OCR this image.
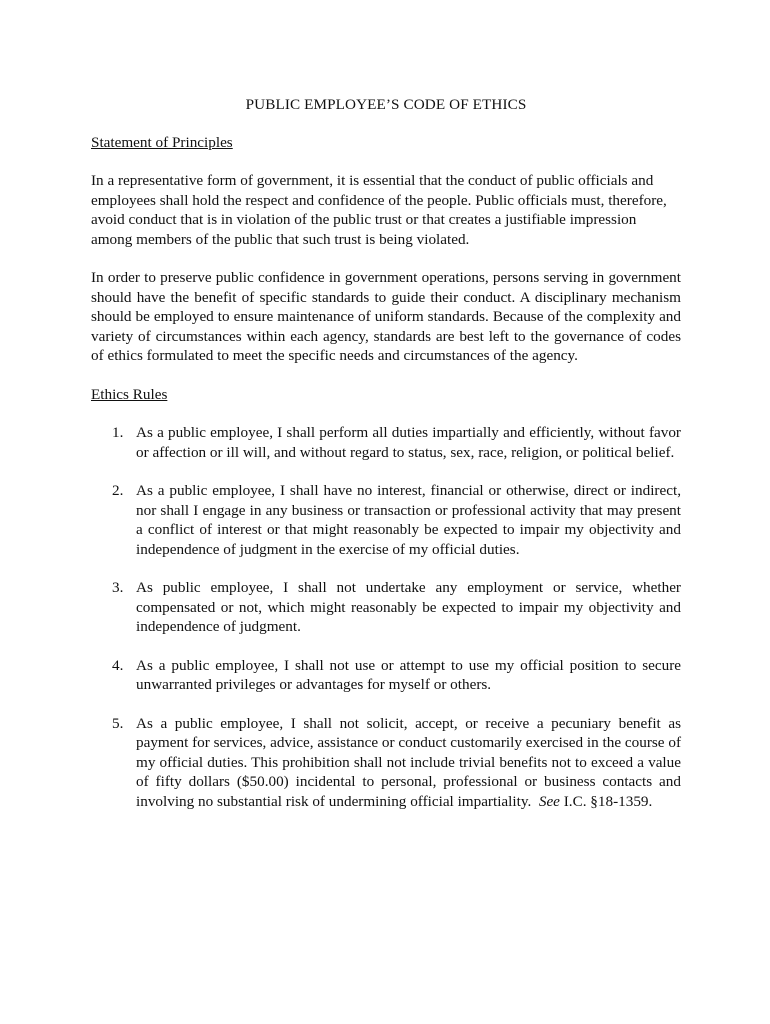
PUBLIC EMPLOYEE’S CODE OF ETHICS
Statement of Principles

In a representative form of government, it is essential that the conduct of public officials and employees shall hold the respect and confidence of the people. Public officials must, therefore, avoid conduct that is in violation of the public trust or that creates a justifiable impression among members of the public that such trust is being violated.

In order to preserve public confidence in government operations, persons serving in government should have the benefit of specific standards to guide their conduct. A disciplinary mechanism should be employed to ensure maintenance of uniform standards. Because of the complexity and variety of circumstances within each agency, standards are best left to the governance of codes of ethics formulated to meet the specific needs and circumstances of the agency.

Ethics Rules
1. As a public employee, I shall perform all duties impartially and efficiently, without favor or affection or ill will, and without regard to status, sex, race, religion, or political belief.
2. As a public employee, I shall have no interest, financial or otherwise, direct or indirect, nor shall I engage in any business or transaction or professional activity that may present a conflict of interest or that might reasonably be expected to impair my objectivity and independence of judgment in the exercise of my official duties.
3. As public employee, I shall not undertake any employment or service, whether compensated or not, which might reasonably be expected to impair my objectivity and independence of judgment.
4. As a public employee, I shall not use or attempt to use my official position to secure unwarranted privileges or advantages for myself or others.
5. As a public employee, I shall not solicit, accept, or receive a pecuniary benefit as payment for services, advice, assistance or conduct customarily exercised in the course of my official duties. This prohibition shall not include trivial benefits not to exceed a value of fifty dollars ($50.00) incidental to personal, professional or business contacts and involving no substantial risk of undermining official impartiality. See I.C. §18-1359.
